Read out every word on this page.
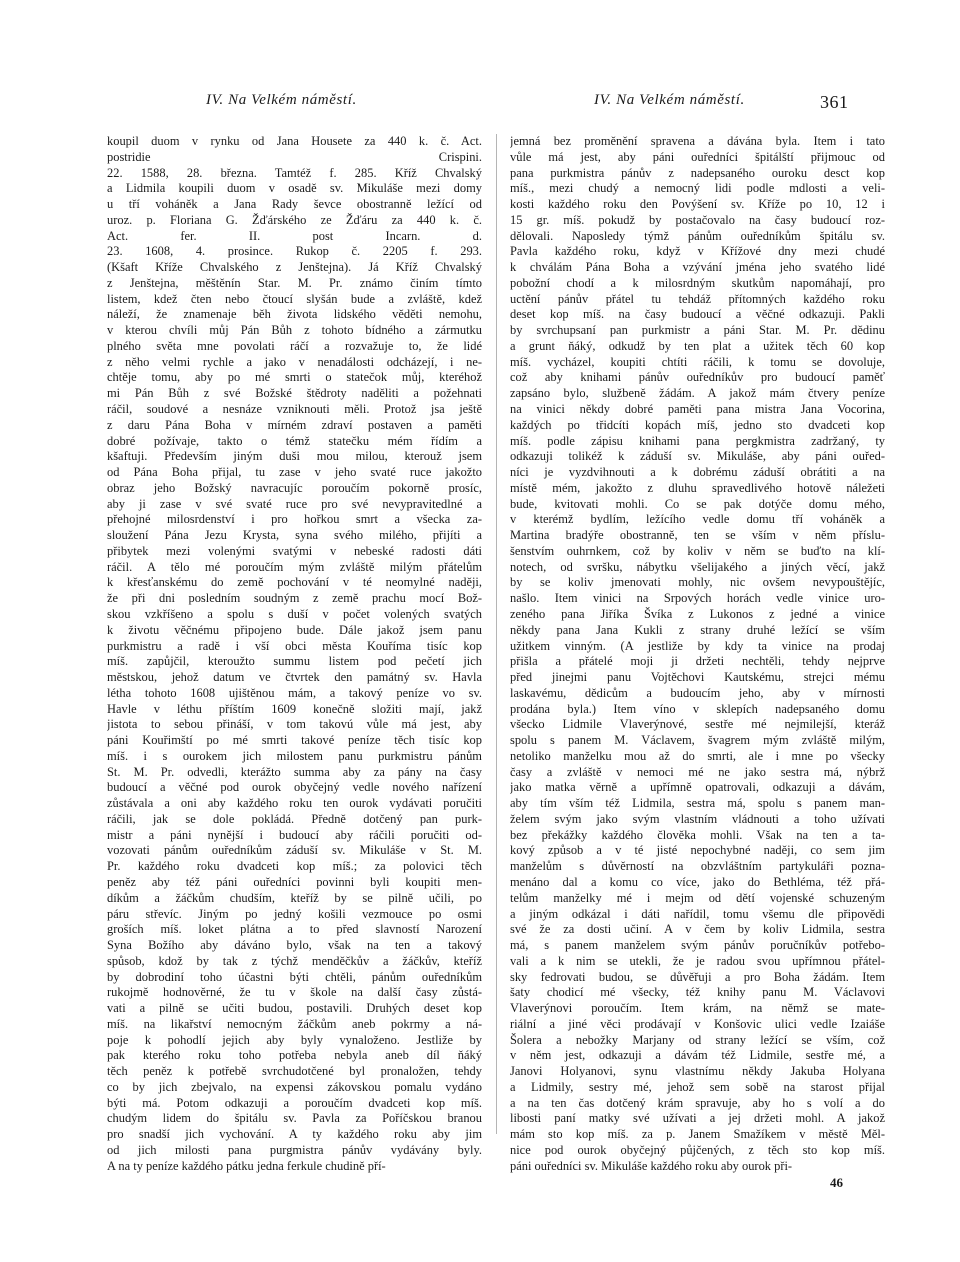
IV. Na Velkém náměstí.	IV. Na Velkém náměstí.	361
koupil duom v rynku od Jana Housete za 440 k. č. Act.
postridie Crispini.
22. 1588, 28. března. Tamtéž f. 285. Kříž Chvalský
a Lidmila koupili duom v osadě sv. Mikuláše mezi domy
u tří voháněk a Jana Rady ševce obostranně ležící od
uroz. p. Floriana G. Žďárského ze Žďáru za 440 k. č.
Act. fer. II. post Incarn. d.
23. 1608, 4. prosince. Rukop č. 2205 f. 293.
(Kšaft Kříže Chvalského z Jenštejna). Já Kříž Chvalský
z Jenštejna, měštěnín Star. M. Pr. známo činím tímto
listem, kdež čten nebo čtoucí slyšán bude a zvláště, kdež
náleží, že znamenaje běh života lidského věděti nemohu,
v kterou chvíli můj Pán Bůh z tohoto bídného a zármutku
plného světa mne povolati ráčí a rozvažuje to, že lidé
z něho velmi rychle a jako v nenadálosti odcházejí, i ne-
chtěje tomu, aby po mé smrti o statečok můj, kteréhož
mi Pán Bůh z své Božské štědroty naděliti a požehnati
ráčil, soudové a nesnáze vzniknouti měli. Protož jsa ještě
z daru Pána Boha v mírném zdraví postaven a paměti
dobré požívaje, takto o témž statečku mém řídím a
kšaftuji. Především jiným duši mou milou, kterouž jsem
od Pána Boha přijal, tu zase v jeho svaté ruce jakožto
obraz jeho Božský navracujíc poroučím pokorně prosíc,
aby ji zase v své svaté ruce pro své nevypravitedlné a
přehojné milosrdenství i pro hořkou smrt a všecka za-
sloužení Pána Jezu Krysta, syna svého milého, přijíti a
přibytek mezi volenými svatými v nebeské radosti dáti
ráčil. A tělo mé poroučím mým zvláště milým přátelům
k křesťanskému do země pochování v té neomylné naději,
že při dni posledním soudným z země prachu mocí Bož-
skou vzkříšeno a spolu s duší v počet volených svatých
k životu věčnému připojeno bude. Dále jakož jsem panu
purkmistru a radě i vší obci města Kouříma tisíc kop
míš. zapůjčil, kteroužto summu listem pod pečetí jich
městskou, jehož datum ve čtvrtek den památný sv. Havla
létha tohoto 1608 ujištěnou mám, a takový peníze vo sv.
Havle v léthu příštím 1609 konečně složiti mají, jakž
jistota to sebou přináší, v tom takovú vůle má jest, aby
páni Kouřimští po mé smrti takové peníze těch tisíc kop
míš. i s ourokem jich milostem panu purkmistru pánům
St. M. Pr. odvedli, kterážto summa aby za pány na časy
budoucí a věčné pod ourok obyčejný vedle nového nařízení
zůstávala a oni aby každého roku ten ourok vydávati poručiti
ráčili, jak se dole pokládá. Předně dotčený pan purk-
mistr a páni nynější i budoucí aby ráčili poručiti od-
vozovati pánům ouředníkům záduší sv. Mikuláše v St. M.
Pr. každého roku dvadceti kop míš.; za polovici těch
peněz aby též páni ouředníci povinni byli koupiti men-
díkům a žáčkům chudším, kteříž by se pilně učili, po
páru střevíc. Jiným po jedný košili vezmouce po osmi
groších míš. loket plátna a to před slavností Narození
Syna Božího aby dáváno bylo, však na ten a takový
spůsob, kdož by tak z týchž menděčkův a žáčkův, kteříž
by dobrodiní toho účastni býti chtěli, pánům ouředníkům
rukojmě hodnověrné, že tu v škole na další časy zůstá-
vati a pilně se učiti budou, postavili. Druhých deset kop
míš. na likařství nemocným žáčkům aneb pokrmy a ná-
poje k pohodlí jejich aby byly vynaloženo. Jestliže by
pak kterého roku toho potřeba nebyla aneb díl ňáký
těch peněz k potřebě svrchudotčené byl pronaložen, tehdy
co by jich zbejvalo, na expensi zákovskou pomalu vydáno
býti má. Potom odkazuji a poroučím dvadceti kop míš.
chudým lidem do špitálu sv. Pavla za Poříčskou branou
pro snadší jich vychování. A ty každého roku aby jim
od jich milosti pana purgmistra pánův vydávány byly.
A na ty peníze každého pátku jedna ferkule chudině pří-
jemná bez proměnění spravena a dávána byla. Item i tato
vůle má jest, aby páni ouředníci špitálští přijmouc od
pana purkmistra pánův z nadepsaného ouroku desct kop
míš., mezi chudý a nemocný lidi podle mdlosti a veli-
kosti každého roku den Povýšení sv. Kříže po 10, 12 i
15 gr. míš. pokudž by postačovalo na časy budoucí roz-
dělovali. Naposledy týmž pánům ouředníkům špitálu sv.
Pavla každého roku, když v Křížové dny mezi chudé
k chválám Pána Boha a vzývání jména jeho svatého lidé
pobožní chodí a k milosrdným skutkům napomáhají, pro
uctění pánův přátel tu tehdáž přítomných každého roku
deset kop míš. na časy budoucí a věčné odkazuji. Pakli
by svrchupsaní pan purkmistr a páni Star. M. Pr. dědinu
a grunt ňáký, odkudž by ten plat a užitek těch 60 kop
míš. vycházel, koupiti chtíti ráčili, k tomu se dovoluje,
což aby knihami pánův ouředníkův pro budoucí paměť
zapsáno bylo, službeně žádám. A jakož mám čtvery peníze
na vinici někdy dobré paměti pana mistra Jana Vocorina,
každých po třidcíti kopách míš, jedno sto dvadceti kop
míš. podle zápisu knihami pana pergkmistra zadržaný, ty
odkazuji tolikéž k záduší sv. Mikuláše, aby páni ouřed-
níci je vyzdvihnouti a k dobrému záduší obrátiti a na
místě mém, jakožto z dluhu spravedlivého hotově náležeti
bude, kvitovati mohli. Co se pak dotýče domu mého,
v kterémž bydlím, ležícího vedle domu tří voháněk a
Martina bradýře obostranně, ten se vším v něm příslu-
šenstvím ouhrnkem, což by koliv v něm se buďto na klí-
notech, od svršku, nábytku všelijakého a jiných věcí, jakž
by se koliv jmenovati mohly, nic ovšem nevypouštějíc,
našlo. Item vinici na Srpových horách vedle vinice uro-
zeného pana Jiříka Švíka z Lukonos z jedné a vinice
někdy pana Jana Kukli z strany druhé ležící se vším
užitkem vinným. (A jestliže by kdy ta vinice na prodaj
přišla a přátelé moji ji držeti nechtěli, tehdy nejprve
před jinejmi panu Vojtěchovi Kautskému, strejci mému
laskavému, dědicům a budoucím jeho, aby v mírnosti
prodána byla.) Item víno v sklepích nadepsaného domu
všecko Lidmile Vlaverýnové, sestře mé nejmilejší, kteráž
spolu s panem M. Václavem, švagrem mým zvláště milým,
netoliko manželku mou až do smrti, ale i mne po všecky
časy a zvláště v nemoci mé ne jako sestra má, nýbrž
jako matka věrně a upřímně opatrovali, odkazuji a dávám,
aby tím vším též Lidmila, sestra má, spolu s panem man-
želem svým jako svým vlastním vládnouti a toho užívati
bez překážky každého člověka mohli. Však na ten a ta-
kový způsob a v té jisté nepochybné naději, co sem jim
manželům s důvěrností na obzvláštním partykuláři pozna-
menáno dal a komu co více, jako do Bethléma, též přá-
telům manželky mé i mejm od dětí vojenské schuzeným
a jiným odkázal i dáti nařídil, tomu všemu dle připovědi
své že za dosti učiní. A v čem by koliv Lidmila, sestra
má, s panem manželem svým pánův poručníkův potřebo-
vali a k nim se utekli, že je radou svou upřímnou přátel-
sky fedrovati budou, se důvěřuji a pro Boha žádám. Item
šaty chodicí mé všecky, též knihy panu M. Václavovi
Vlaverýnovi poroučím. Item krám, na němž se mate-
riální a jiné věci prodávají v Konšovic ulici vedle Izaiáše
Šolera a nebožky Marjany od strany ležící se vším, což
v něm jest, odkazuji a dávám též Lidmile, sestře mé, a
Janovi Holyanovi, synu vlastnímu někdy Jakuba Holyana
a Lidmily, sestry mé, jehož sem sobě na starost přijal
a na ten čas dotčený krám spravuje, aby ho s volí a do
libosti paní matky své užívati a jej držeti mohl. A jakož
mám sto kop míš. za p. Janem Smažíkem v městě Měl-
nice pod ourok obyčejný půjčených, z těch sto kop míš.
páni ouředníci sv. Mikuláše každého roku aby ourok při-
46
